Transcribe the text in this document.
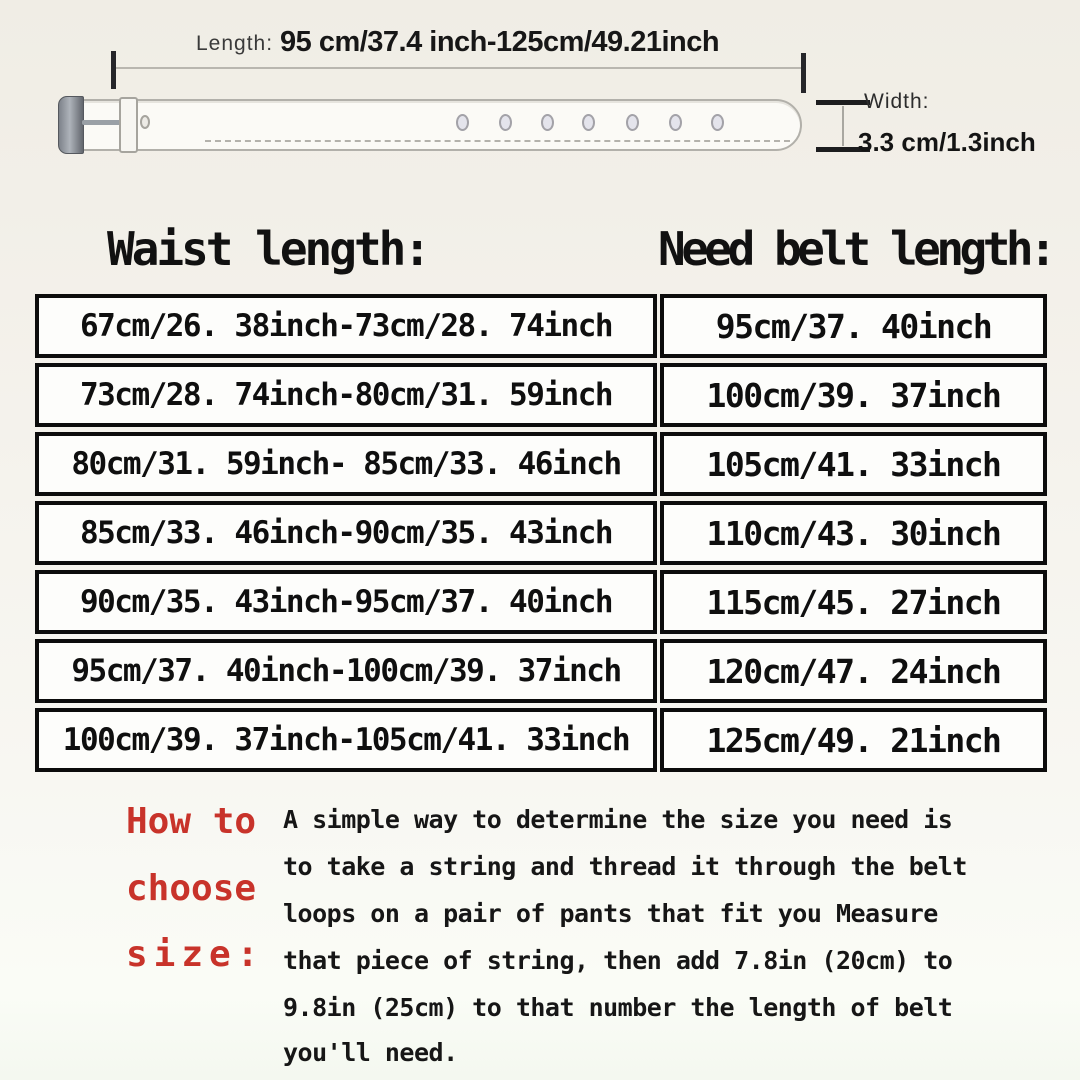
Length: 95 cm/37.4 inch-125cm/49.21inch
Width:
3.3 cm/1.3inch
Waist length:	Need belt length:
67cm/26. 38inch-73cm/28. 74inch	95cm/37. 40inch
73cm/28. 74inch-80cm/31. 59inch	100cm/39. 37inch
80cm/31. 59inch- 85cm/33. 46inch	105cm/41. 33inch
85cm/33. 46inch-90cm/35. 43inch	110cm/43. 30inch
90cm/35. 43inch-95cm/37. 40inch	115cm/45. 27inch
95cm/37. 40inch-100cm/39. 37inch	120cm/47. 24inch
100cm/39. 37inch-105cm/41. 33inch	125cm/49. 21inch
How to
choose
size:
A simple way to determine the size you need is
to take a string and thread it through the belt
loops on a pair of pants that fit you Measure
that piece of string, then add 7.8in (20cm) to
9.8in (25cm) to that number the length of belt
you'll need.
